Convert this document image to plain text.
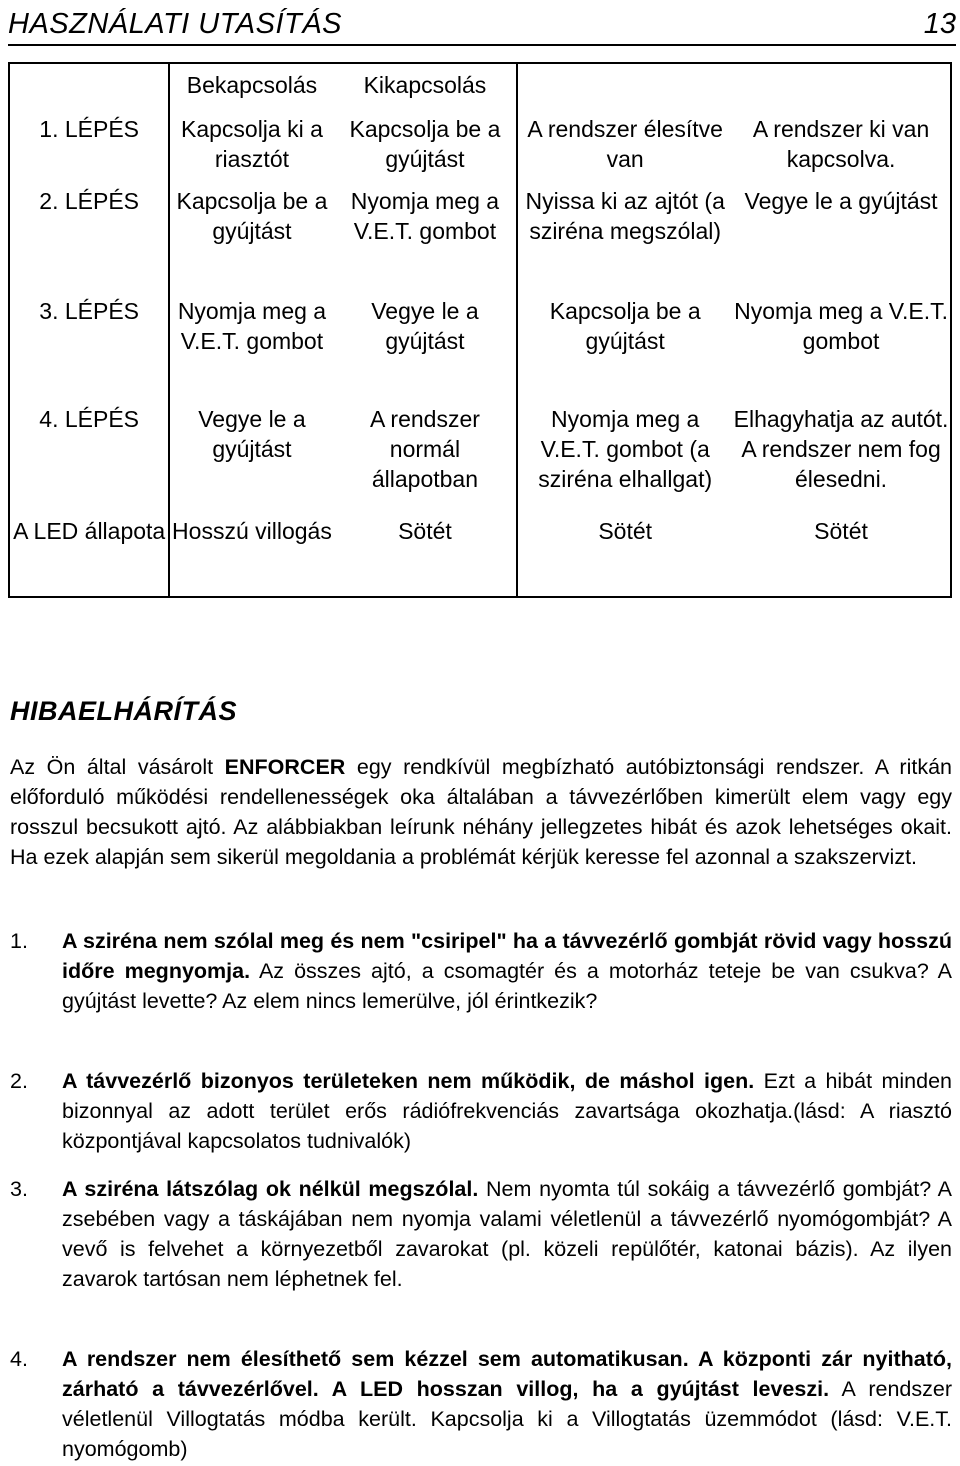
HASZNÁLATI UTASÍTÁS	13
	Bekapcsolás	Kikapcsolás		
1. LÉPÉS	Kapcsolja ki a riasztót	Kapcsolja be a gyújtást	A rendszer élesítve van	A rendszer ki van kapcsolva.
2. LÉPÉS	Kapcsolja be a gyújtást	Nyomja meg a V.E.T. gombot	Nyissa ki az ajtót (a sziréna megszólal)	Vegye le a gyújtást
3. LÉPÉS	Nyomja meg a V.E.T. gombot	Vegye le a gyújtást	Kapcsolja be a gyújtást	Nyomja meg a V.E.T. gombot
4. LÉPÉS	Vegye le a gyújtást	A rendszer normál állapotban	Nyomja meg a V.E.T. gombot (a sziréna elhallgat)	Elhagyhatja az autót. A rendszer nem fog élesedni.
A LED állapota	Hosszú villogás	Sötét	Sötét	Sötét
HIBAELHÁRÍTÁS
Az Ön által vásárolt ENFORCER egy rendkívül megbízható autóbiztonsági rendszer. A ritkán előforduló működési rendellenességek oka általában a távvezérlőben kimerült elem vagy egy rosszul becsukott ajtó. Az alábbiakban leírunk néhány jellegzetes hibát és azok lehetséges okait. Ha ezek alapján sem sikerül megoldania a problémát kérjük keresse fel azonnal a szakszervizt.
1.	A sziréna nem szólal meg és nem "csiripel" ha a távvezérlő gombját rövid vagy hosszú időre megnyomja. Az összes ajtó, a csomagtér és a motorház teteje be van csukva? A gyújtást levette? Az elem nincs lemerülve, jól érintkezik?
2.	A távvezérlő bizonyos területeken nem működik, de máshol igen. Ezt a hibát minden bizonnyal az adott terület erős rádiófrekvenciás zavartsága okozhatja.(lásd: A riasztó központjával kapcsolatos tudnivalók)
3.	A sziréna látszólag ok nélkül megszólal. Nem nyomta túl sokáig a távvezérlő gombját? A zsebében vagy a táskájában nem nyomja valami véletlenül a távvezérlő nyomógombját? A vevő is felvehet a környezetből zavarokat (pl. közeli repülőtér, katonai bázis). Az ilyen zavarok tartósan nem léphetnek fel.
4.	A rendszer nem élesíthető sem kézzel sem automatikusan. A központi zár nyitható, zárható a távvezérlővel. A LED hosszan villog, ha a gyújtást leveszi. A rendszer véletlenül Villogtatás módba került. Kapcsolja ki a Villogtatás üzemmódot (lásd: V.E.T. nyomógomb)
